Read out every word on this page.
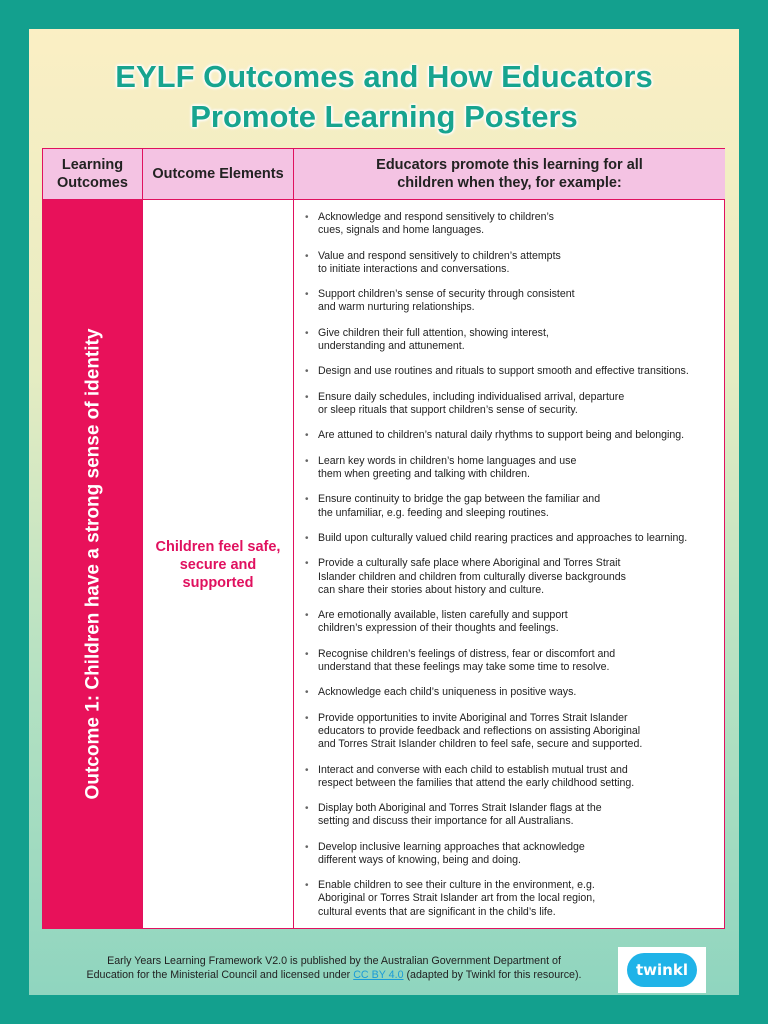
EYLF Outcomes and How Educators
Promote Learning Posters
Learning
Outcomes
Outcome Elements
Educators promote this learning for all
children when they, for example:
Outcome 1: Children have a strong sense of identity	Children feel safe, secure and supported
• Acknowledge and respond sensitively to children’s
cues, signals and home languages.
• Value and respond sensitively to children’s attempts
to initiate interactions and conversations.
• Support children’s sense of security through consistent
and warm nurturing relationships.
• Give children their full attention, showing interest,
understanding and attunement.
• Design and use routines and rituals to support smooth and effective transitions.
• Ensure daily schedules, including individualised arrival, departure
or sleep rituals that support children’s sense of security.
• Are attuned to children’s natural daily rhythms to support being and belonging.
• Learn key words in children’s home languages and use
them when greeting and talking with children.
• Ensure continuity to bridge the gap between the familiar and
the unfamiliar, e.g. feeding and sleeping routines.
• Build upon culturally valued child rearing practices and approaches to learning.
• Provide a culturally safe place where Aboriginal and Torres Strait
Islander children and children from culturally diverse backgrounds
can share their stories about history and culture.
• Are emotionally available, listen carefully and support
children’s expression of their thoughts and feelings.
• Recognise children’s feelings of distress, fear or discomfort and
understand that these feelings may take some time to resolve.
• Acknowledge each child’s uniqueness in positive ways.
• Provide opportunities to invite Aboriginal and Torres Strait Islander
educators to provide feedback and reflections on assisting Aboriginal
and Torres Strait Islander children to feel safe, secure and supported.
• Interact and converse with each child to establish mutual trust and
respect between the families that attend the early childhood setting.
• Display both Aboriginal and Torres Strait Islander flags at the
setting and discuss their importance for all Australians.
• Develop inclusive learning approaches that acknowledge
different ways of knowing, being and doing.
• Enable children to see their culture in the environment, e.g.
Aboriginal or Torres Strait Islander art from the local region,
cultural events that are significant in the child’s life.
Early Years Learning Framework V2.0 is published by the Australian Government Department of
Education for the Ministerial Council and licensed under CC BY 4.0 (adapted by Twinkl for this resource).	twinkl
